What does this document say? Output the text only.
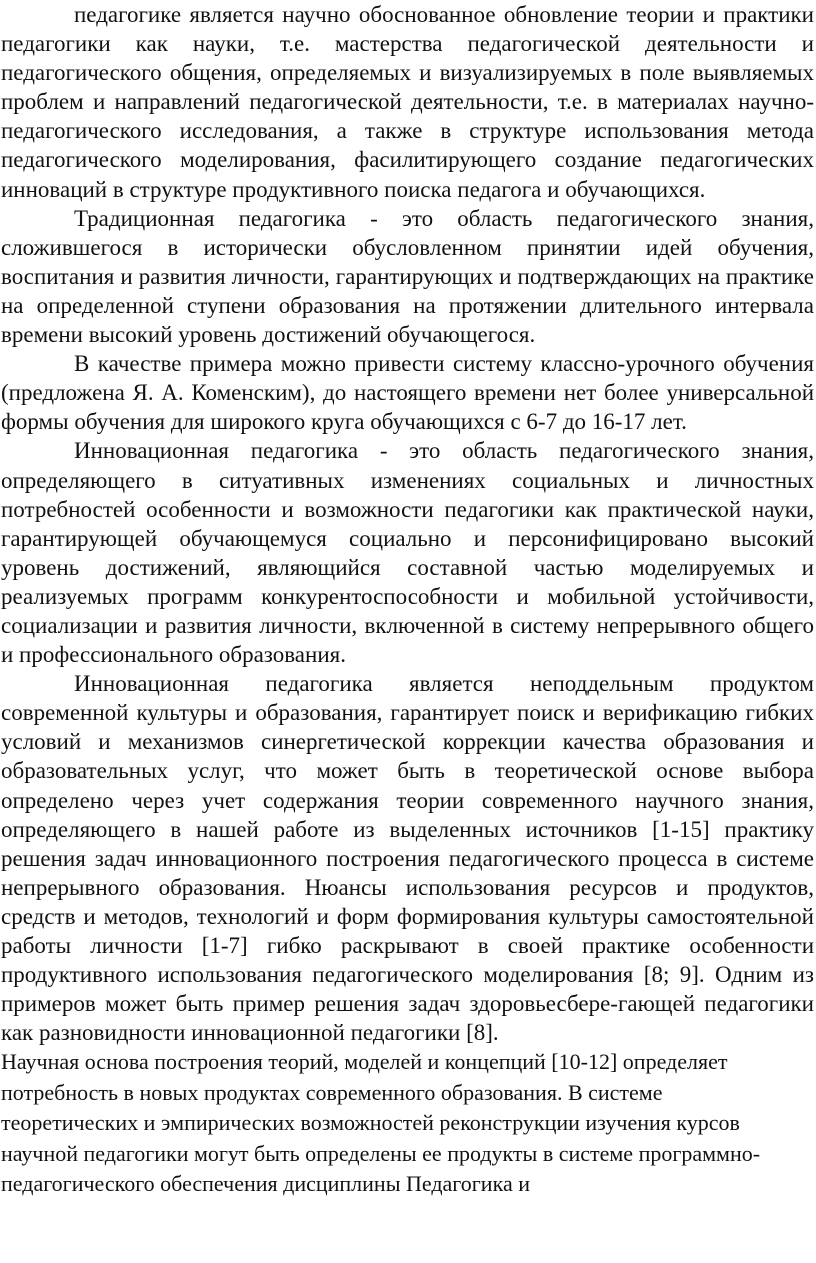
педагогике является научно обоснованное обновление теории и практики педагогики как науки, т.е. мастерства педагогической деятельности и педагогического общения, определяемых и визуализируемых в поле выявляемых проблем и направлений педагогической деятельности, т.е. в материалах научно-педагогического исследования, а также в структуре использования метода педагогического моделирования, фасилитирующего создание педагогических инноваций в структуре продуктивного поиска педагога и обучающихся.

Традиционная педагогика - это область педагогического знания, сложившегося в исторически обусловленном принятии идей обучения, воспитания и развития личности, гарантирующих и подтверждающих на практике на определенной ступени образования на протяжении длительного интервала времени высокий уровень достижений обучающегося.

В качестве примера можно привести систему классно-урочного обучения (предложена Я. А. Коменским), до настоящего времени нет более универсальной формы обучения для широкого круга обучающихся с 6-7 до 16-17 лет.

Инновационная педагогика - это область педагогического знания, определяющего в ситуативных изменениях социальных и личностных потребностей особенности и возможности педагогики как практической науки, гарантирующей обучающемуся социально и персонифицировано высокий уровень достижений, являющийся составной частью моделируемых и реализуемых программ конкурентоспособности и мобильной устойчивости, социализации и развития личности, включенной в систему непрерывного общего и профессионального образования.

Инновационная педагогика является неподдельным продуктом современной культуры и образования, гарантирует поиск и верификацию гибких условий и механизмов синергетической коррекции качества образования и образовательных услуг, что может быть в теоретической основе выбора определено через учет содержания теории современного научного знания, определяющего в нашей работе из выделенных источников [1-15] практику решения задач инновационного построения педагогического процесса в системе непрерывного образования. Нюансы использования ресурсов и продуктов, средств и методов, технологий и форм формирования культуры самостоятельной работы личности [1-7] гибко раскрывают в своей практике особенности продуктивного использования педагогического моделирования [8; 9]. Одним из примеров может быть пример решения задач здоровьесбере-гающей педагогики как разновидности инновационной педагогики [8].

Научная основа построения теорий, моделей и концепций [10-12] определяет потребность в новых продуктах современного образования. В системе теоретических и эмпирических возможностей реконструкции изучения курсов научной педагогики могут быть определены ее продукты в системе программно-педагогического обеспечения дисциплины Педагогика и
